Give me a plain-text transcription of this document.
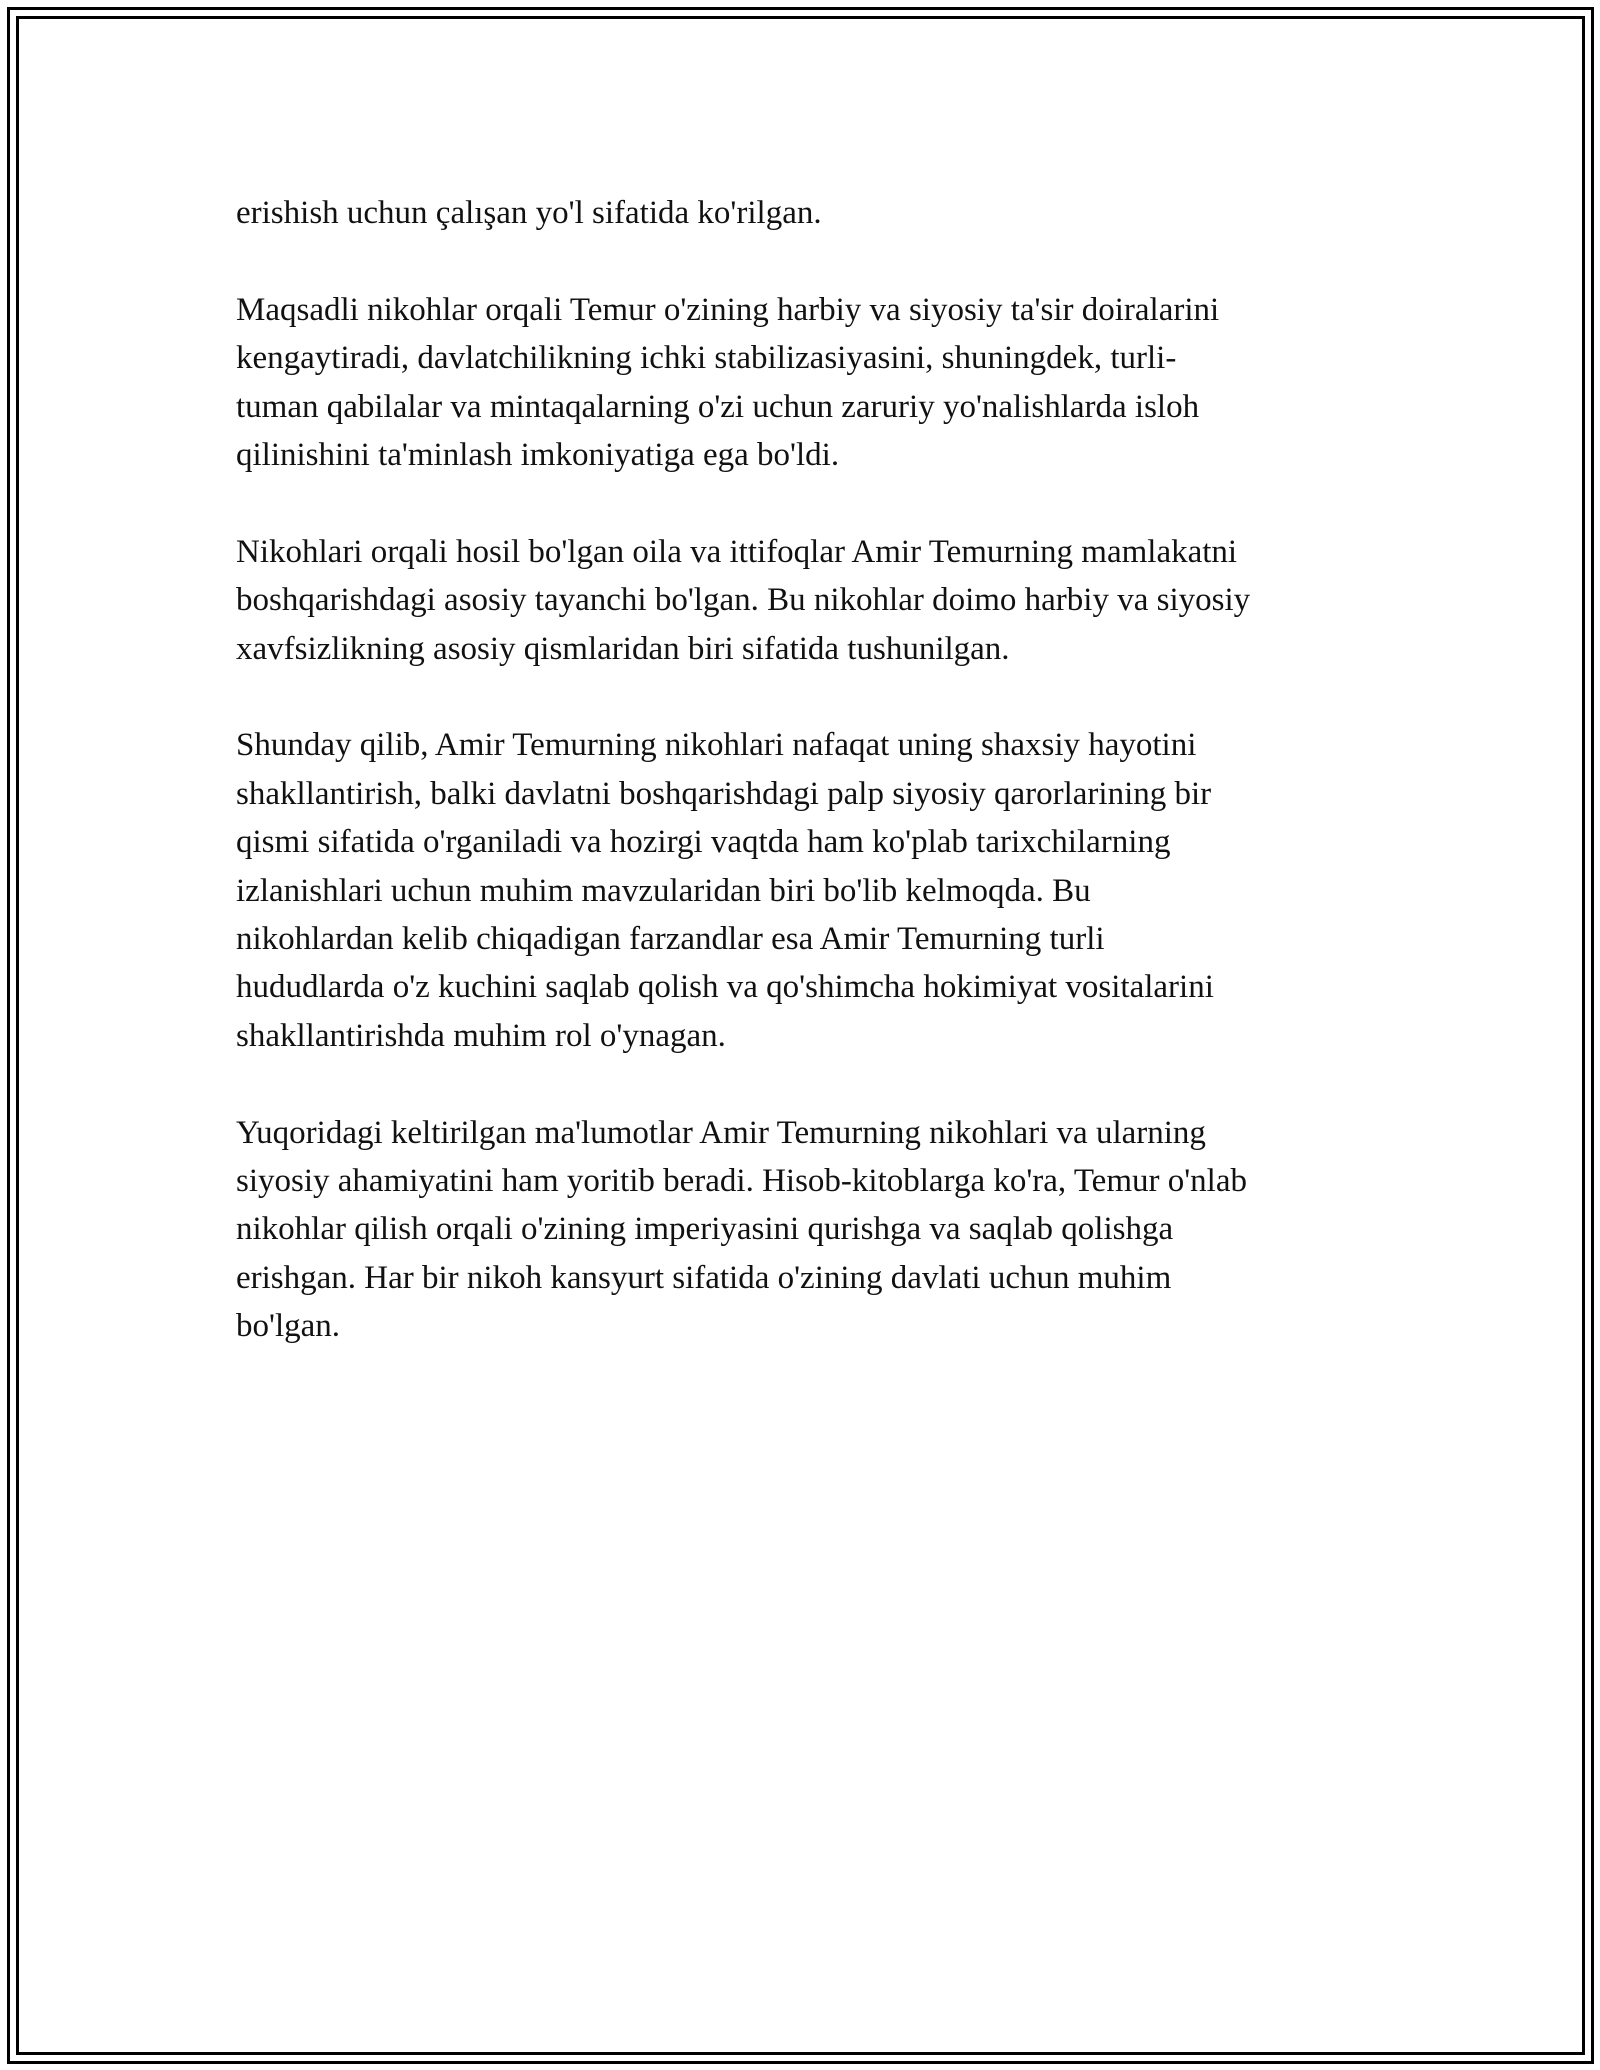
erishish uchun çalışan yo'l sifatida ko'rilgan.

Maqsadli nikohlar orqali Temur o'zining harbiy va siyosiy ta'sir doiralarini
kengaytiradi, davlatchilikning ichki stabilizasiyasini, shuningdek, turli-
tuman qabilalar va mintaqalarning o'zi uchun zaruriy yo'nalishlarda isloh
qilinishini ta'minlash imkoniyatiga ega bo'ldi.

Nikohlari orqali hosil bo'lgan oila va ittifoqlar Amir Temurning mamlakatni
boshqarishdagi asosiy tayanchi bo'lgan. Bu nikohlar doimo harbiy va siyosiy
xavfsizlikning asosiy qismlaridan biri sifatida tushunilgan.

Shunday qilib, Amir Temurning nikohlari nafaqat uning shaxsiy hayotini
shakllantirish, balki davlatni boshqarishdagi palp siyosiy qarorlarining bir
qismi sifatida o'rganiladi va hozirgi vaqtda ham ko'plab tarixchilarning
izlanishlari uchun muhim mavzularidan biri bo'lib kelmoqda. Bu
nikohlardan kelib chiqadigan farzandlar esa Amir Temurning turli
hududlarda o'z kuchini saqlab qolish va qo'shimcha hokimiyat vositalarini
shakllantirishda muhim rol o'ynagan.

Yuqoridagi keltirilgan ma'lumotlar Amir Temurning nikohlari va ularning
siyosiy ahamiyatini ham yoritib beradi. Hisob-kitoblarga ko'ra, Temur o'nlab
nikohlar qilish orqali o'zining imperiyasini qurishga va saqlab qolishga
erishgan. Har bir nikoh kansyurt sifatida o'zining davlati uchun muhim
bo'lgan.
